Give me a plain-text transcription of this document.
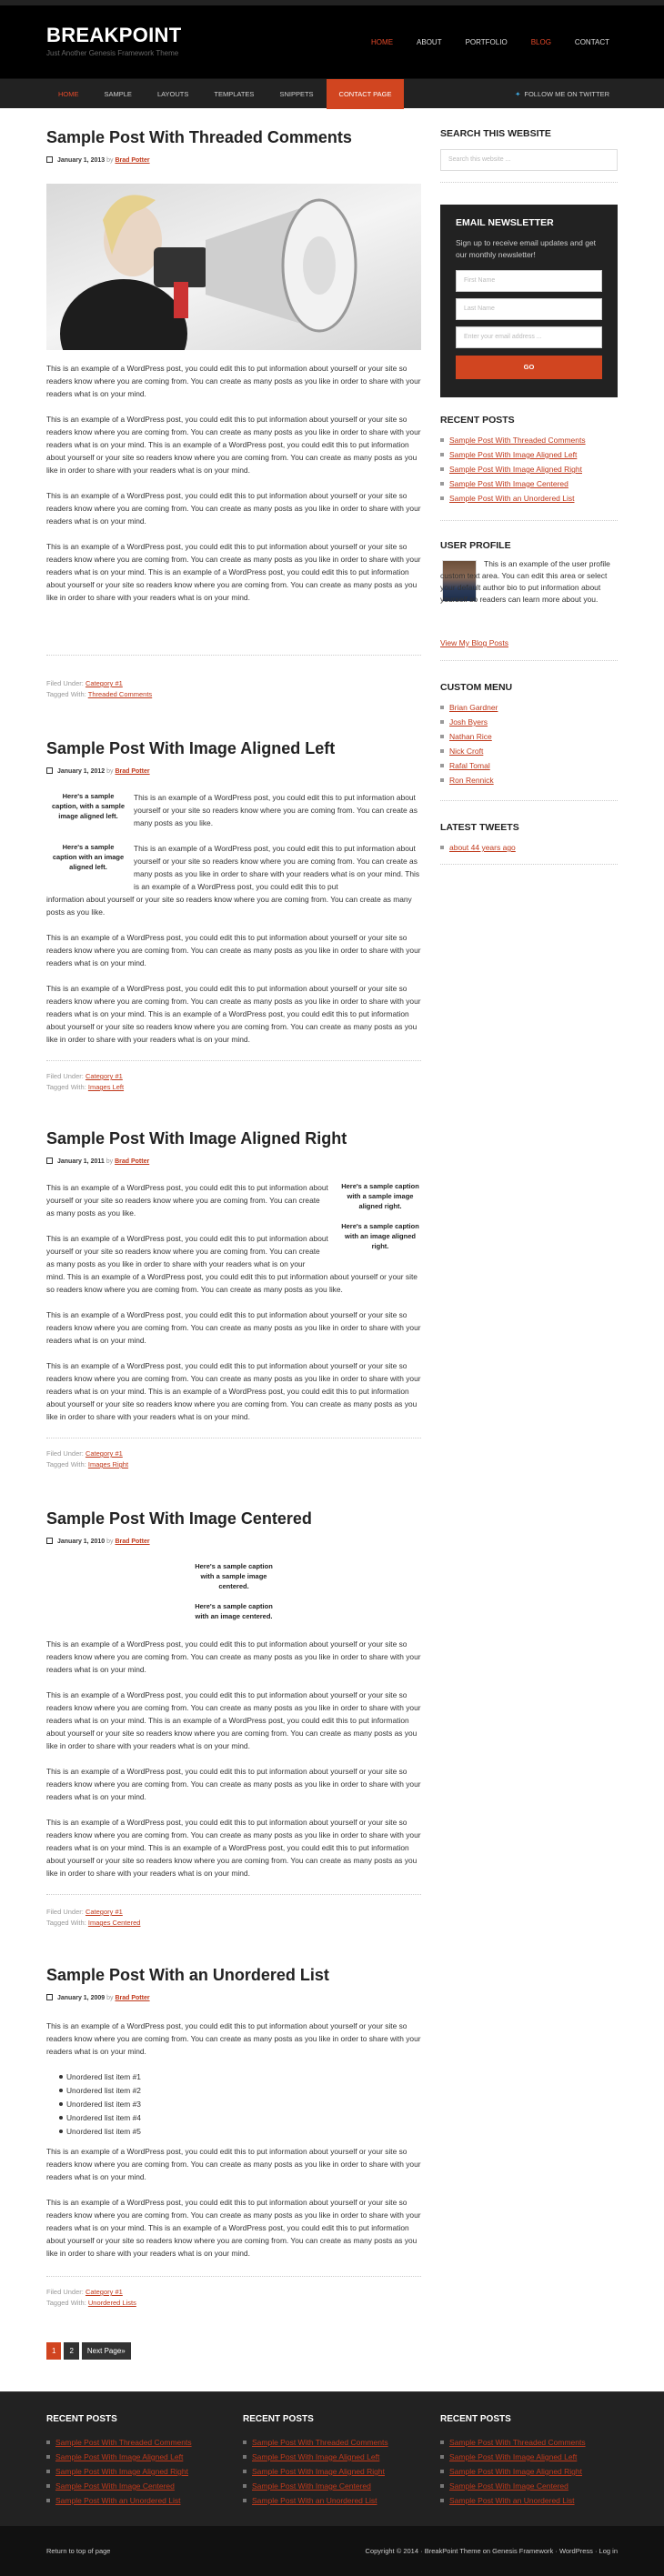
BREAKPOINT
Just Another Genesis Framework Theme
HOME	ABOUT	PORTFOLIO	BLOG	CONTACT
HOME	SAMPLE	LAYOUTS	TEMPLATES	SNIPPETS	CONTACT PAGE	✦ FOLLOW ME ON TWITTER
Sample Post With Threaded Comments
January 1, 2013 by Brad Potter

This is an example of a WordPress post, you could edit this to put information about yourself or your site so readers know where you are coming from. You can create as many posts as you like in order to share with your readers what is on your mind.

This is an example of a WordPress post, you could edit this to put information about yourself or your site so readers know where you are coming from. You can create as many posts as you like in order to share with your readers what is on your mind. This is an example of a WordPress post, you could edit this to put information about yourself or your site so readers know where you are coming from. You can create as many posts as you like in order to share with your readers what is on your mind.

This is an example of a WordPress post, you could edit this to put information about yourself or your site so readers know where you are coming from. You can create as many posts as you like in order to share with your readers what is on your mind.

This is an example of a WordPress post, you could edit this to put information about yourself or your site so readers know where you are coming from. You can create as many posts as you like in order to share with your readers what is on your mind. This is an example of a WordPress post, you could edit this to put information about yourself or your site so readers know where you are coming from. You can create as many posts as you like in order to share with your readers what is on your mind.

Filed Under: Category #1
Tagged With: Threaded Comments
Sample Post With Image Aligned Left
January 1, 2012 by Brad Potter
Here's a sample caption, with a sample image aligned left.
Here's a sample caption with an image aligned left.

This is an example of a WordPress post, you could edit this to put information about yourself or your site so readers know where you are coming from. You can create as many posts as you like.

This is an example of a WordPress post, you could edit this to put information about yourself or your site so readers know where you are coming from. You can create as many posts as you like in order to share with your readers what is on your mind. This is an example of a WordPress post, you could edit this to put

information about yourself or your site so readers know where you are coming from. You can create as many posts as you like.

This is an example of a WordPress post, you could edit this to put information about yourself or your site so readers know where you are coming from. You can create as many posts as you like in order to share with your readers what is on your mind.

This is an example of a WordPress post, you could edit this to put information about yourself or your site so readers know where you are coming from. You can create as many posts as you like in order to share with your readers what is on your mind. This is an example of a WordPress post, you could edit this to put information about yourself or your site so readers know where you are coming from. You can create as many posts as you like in order to share with your readers what is on your mind.

Filed Under: Category #1
Tagged With: Images Left
Sample Post With Image Aligned Right
January 1, 2011 by Brad Potter

This is an example of a WordPress post, you could edit this to put information about yourself or your site so readers know where you are coming from. You can create as many posts as you like.

Here's a sample caption with a sample image aligned right.
Here's a sample caption with an image aligned right.

This is an example of a WordPress post, you could edit this to put information about yourself or your site so readers know where you are coming from. You can create as many posts as you like in order to share with your readers what is on your

mind. This is an example of a WordPress post, you could edit this to put information about yourself or your site so readers know where you are coming from. You can create as many posts as you like.

This is an example of a WordPress post, you could edit this to put information about yourself or your site so readers know where you are coming from. You can create as many posts as you like in order to share with your readers what is on your mind.

This is an example of a WordPress post, you could edit this to put information about yourself or your site so readers know where you are coming from. You can create as many posts as you like in order to share with your readers what is on your mind. This is an example of a WordPress post, you could edit this to put information about yourself or your site so readers know where you are coming from. You can create as many posts as you like in order to share with your readers what is on your mind.

Filed Under: Category #1
Tagged With: Images Right
Sample Post With Image Centered
January 1, 2010 by Brad Potter
Here's a sample caption with a sample image centered.
Here's a sample caption with an image centered.

This is an example of a WordPress post, you could edit this to put information about yourself or your site so readers know where you are coming from. You can create as many posts as you like in order to share with your readers what is on your mind.

This is an example of a WordPress post, you could edit this to put information about yourself or your site so readers know where you are coming from. You can create as many posts as you like in order to share with your readers what is on your mind. This is an example of a WordPress post, you could edit this to put information about yourself or your site so readers know where you are coming from. You can create as many posts as you like in order to share with your readers what is on your mind.

This is an example of a WordPress post, you could edit this to put information about yourself or your site so readers know where you are coming from. You can create as many posts as you like in order to share with your readers what is on your mind.

This is an example of a WordPress post, you could edit this to put information about yourself or your site so readers know where you are coming from. You can create as many posts as you like in order to share with your readers what is on your mind. This is an example of a WordPress post, you could edit this to put information about yourself or your site so readers know where you are coming from. You can create as many posts as you like in order to share with your readers what is on your mind.

Filed Under: Category #1
Tagged With: Images Centered
Sample Post With an Unordered List
January 1, 2009 by Brad Potter

This is an example of a WordPress post, you could edit this to put information about yourself or your site so readers know where you are coming from. You can create as many posts as you like in order to share with your readers what is on your mind.

Unordered list item #1
Unordered list item #2
Unordered list item #3
Unordered list item #4
Unordered list item #5

This is an example of a WordPress post, you could edit this to put information about yourself or your site so readers know where you are coming from. You can create as many posts as you like in order to share with your readers what is on your mind.

This is an example of a WordPress post, you could edit this to put information about yourself or your site so readers know where you are coming from. You can create as many posts as you like in order to share with your readers what is on your mind. This is an example of a WordPress post, you could edit this to put information about yourself or your site so readers know where you are coming from. You can create as many posts as you like in order to share with your readers what is on your mind.

Filed Under: Category #1
Tagged With: Unordered Lists
1	2	Next Page»
SEARCH THIS WEBSITE
Search this website ...
EMAIL NEWSLETTER
Sign up to receive email updates and get our monthly newsletter!
First Name
Last Name
Enter your email address ...
GO
RECENT POSTS
Sample Post With Threaded Comments
Sample Post With Image Aligned Left
Sample Post With Image Aligned Right
Sample Post With Image Centered
Sample Post With an Unordered List
USER PROFILE
This is an example of the user profile custom text area. You can edit this area or select your default author bio to put information about yourself so readers can learn more about you.
View My Blog Posts
CUSTOM MENU
Brian Gardner
Josh Byers
Nathan Rice
Nick Croft
Rafal Tomal
Ron Rennick
LATEST TWEETS
about 44 years ago
RECENT POSTS
Sample Post With Threaded Comments
Sample Post With Image Aligned Left
Sample Post With Image Aligned Right
Sample Post With Image Centered
Sample Post With an Unordered List
RECENT POSTS
Sample Post With Threaded Comments
Sample Post With Image Aligned Left
Sample Post With Image Aligned Right
Sample Post With Image Centered
Sample Post With an Unordered List
RECENT POSTS
Sample Post With Threaded Comments
Sample Post With Image Aligned Left
Sample Post With Image Aligned Right
Sample Post With Image Centered
Sample Post With an Unordered List
Return to top of page	Copyright © 2014 · BreakPoint Theme on Genesis Framework · WordPress · Log in
